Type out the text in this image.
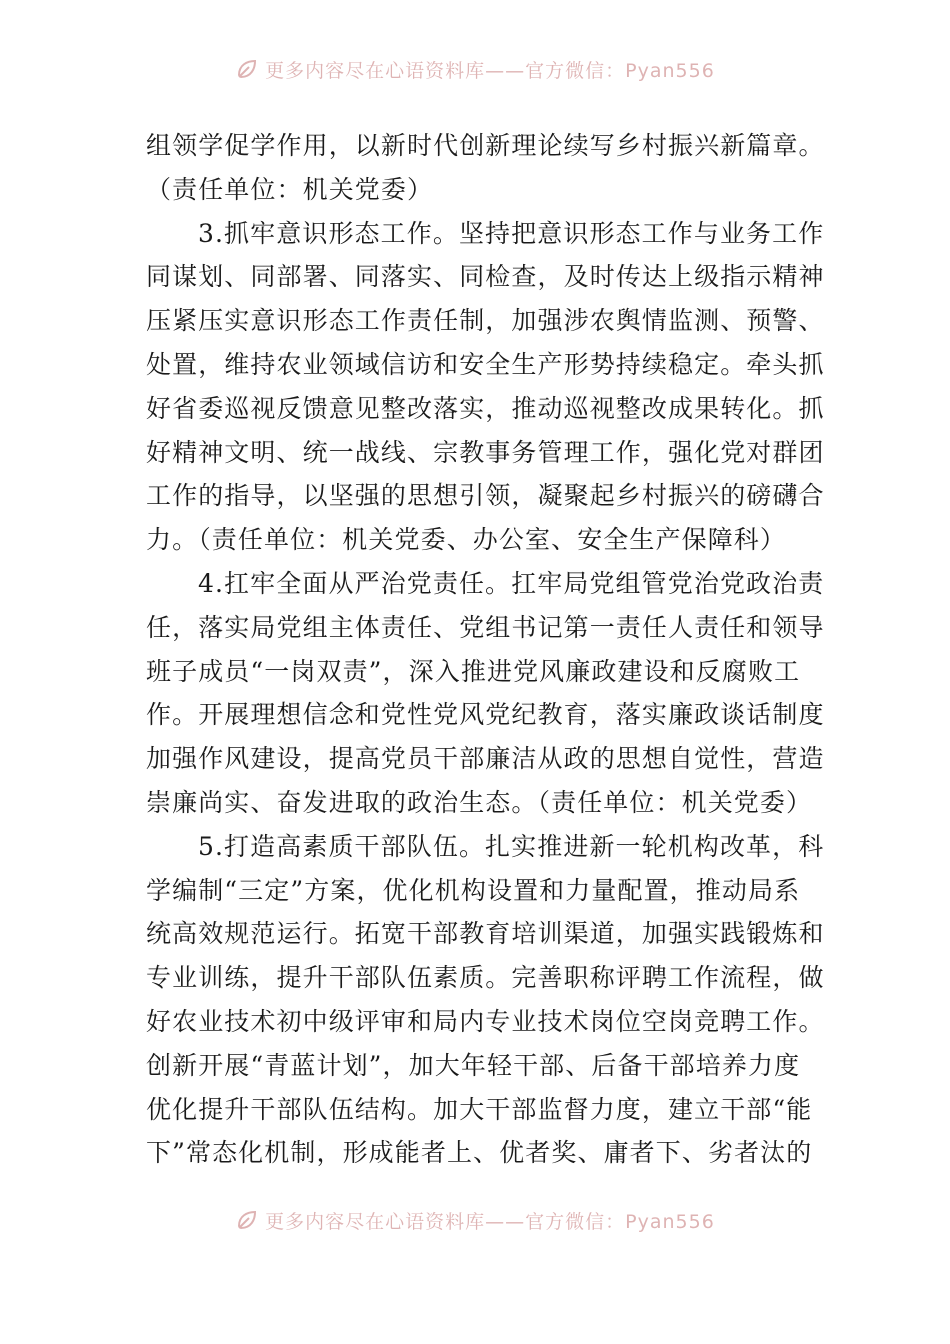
更多内容尽在心语资料库——官方微信：Pyan556
组领学促学作用，以新时代创新理论续写乡村振兴新篇章。
（责任单位：机关党委）
3.抓牢意识形态工作。坚持把意识形态工作与业务工作
同谋划、同部署、同落实、同检查，及时传达上级指示精神
压紧压实意识形态工作责任制，加强涉农舆情监测、预警、
处置，维持农业领域信访和安全生产形势持续稳定。牵头抓
好省委巡视反馈意见整改落实，推动巡视整改成果转化。抓
好精神文明、统一战线、宗教事务管理工作，强化党对群团
工作的指导，以坚强的思想引领，凝聚起乡村振兴的磅礴合
力。（责任单位：机关党委、办公室、安全生产保障科）
4.扛牢全面从严治党责任。扛牢局党组管党治党政治责
任，落实局党组主体责任、党组书记第一责任人责任和领导
班子成员“一岗双责”，深入推进党风廉政建设和反腐败工
作。开展理想信念和党性党风党纪教育，落实廉政谈话制度
加强作风建设，提高党员干部廉洁从政的思想自觉性，营造
崇廉尚实、奋发进取的政治生态。（责任单位：机关党委）
5.打造高素质干部队伍。扎实推进新一轮机构改革，科
学编制“三定”方案，优化机构设置和力量配置，推动局系
统高效规范运行。拓宽干部教育培训渠道，加强实践锻炼和
专业训练，提升干部队伍素质。完善职称评聘工作流程，做
好农业技术初中级评审和局内专业技术岗位空岗竞聘工作。
创新开展“青蓝计划”，加大年轻干部、后备干部培养力度
优化提升干部队伍结构。加大干部监督力度，建立干部“能
下”常态化机制，形成能者上、优者奖、庸者下、劣者汰的
更多内容尽在心语资料库——官方微信：Pyan556
